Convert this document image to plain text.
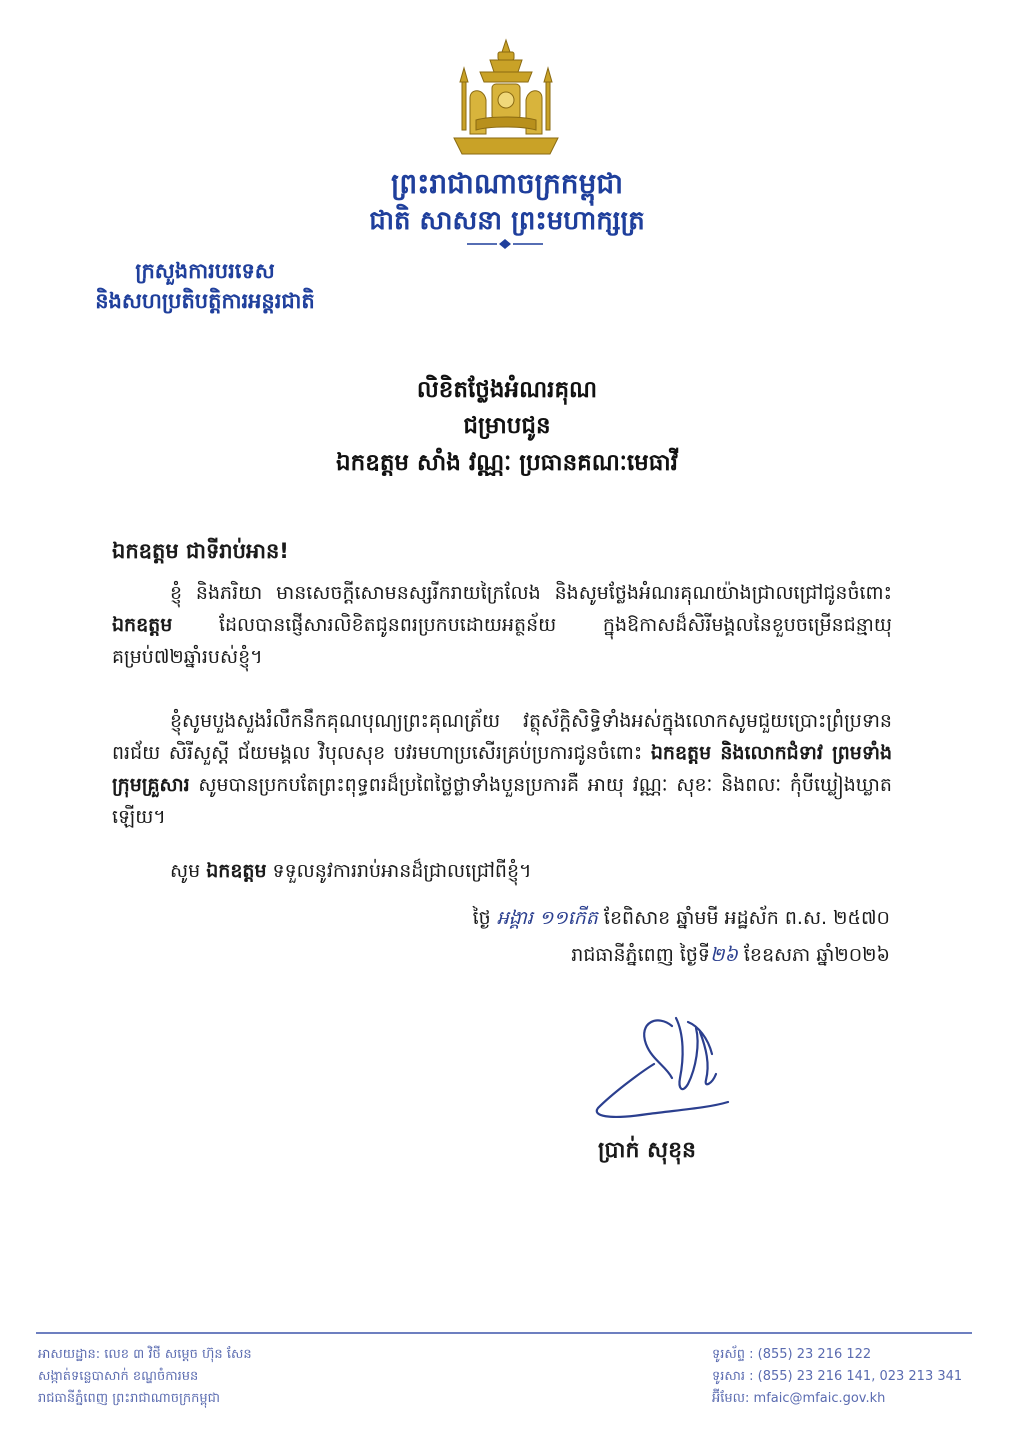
ព្រះរាជាណាចក្រកម្ពុជា
ជាតិ សាសនា ព្រះមហាក្សត្រ
ក្រសួងការបរទេស
និងសហប្រតិបត្តិការអន្តរជាតិ
លិខិតថ្លែងអំណរគុណ
ជម្រាបជូន
ឯកឧត្តម សាំង វណ្ណៈ ប្រធានគណៈមេធាវី
ឯកឧត្តម ជាទីរាប់អាន!
ខ្ញុំ និងភរិយា មានសេចក្តីសោមនស្សរីករាយក្រៃលែង និងសូមថ្លែងអំណរគុណយ៉ាងជ្រាលជ្រៅជូនចំពោះ ឯកឧត្តម ដែលបានផ្ញើសារលិខិតជូនពរប្រកបដោយអត្ថន័យ ក្នុងឱកាសដ៏សិរីមង្គលនៃខួបចម្រើនជន្មាយុគម្រប់៧២ឆ្នាំរបស់ខ្ញុំ។
ខ្ញុំសូមបួងសួងរំលឹកនឹកគុណបុណ្យព្រះគុណត្រ័យ វត្ថុស័ក្តិសិទ្ធិទាំងអស់ក្នុងលោកសូមជួយប្រោះព្រំប្រទានពរជ័យ សិរីសួស្តី ជ័យមង្គល វិបុលសុខ បវរមហាប្រសើរគ្រប់ប្រការជូនចំពោះ ឯកឧត្តម និងលោកជំទាវ ព្រមទាំងក្រុមគ្រួសារ សូមបានប្រកបតែព្រះពុទ្ធពរដ៏ប្រពៃថ្លៃថ្លាទាំងបួនប្រការគឺ អាយុ វណ្ណៈ សុខៈ និងពលៈ កុំបីឃ្លៀងឃ្លាតឡើយ។
សូម ឯកឧត្តម ទទួលនូវការរាប់អានដ៏ជ្រាលជ្រៅពីខ្ញុំ។
ថ្ងៃ អង្គារ ១១កើត ខែពិសាខ ឆ្នាំមមី អដ្ឋស័ក ព.ស. ២៥៧០
រាជធានីភ្នំពេញ ថ្ងៃទី២៦ ខែឧសភា ឆ្នាំ២០២៦
ប្រាក់ សុខុន
អាសយដ្ឋាន: លេខ ៣ វិថី សម្តេច ហ៊ុន សែន
សង្កាត់ទន្លេបាសាក់ ខណ្ឌចំការមន
រាជធានីភ្នំពេញ ព្រះរាជាណាចក្រកម្ពុជា
ទូរស័ព្ទ : (855) 23 216 122
ទូរសារ : (855) 23 216 141, 023 213 341
អ៊ីមែល: mfaic@mfaic.gov.kh
